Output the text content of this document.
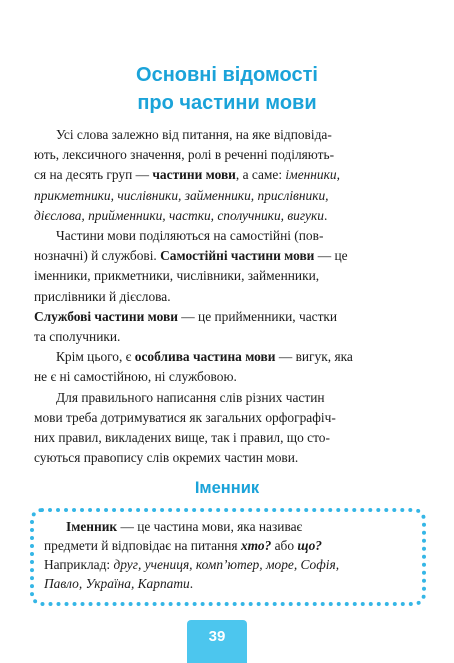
Основні відомості
про частини мови

Усі слова залежно від питання, на яке відповіда-
ють, лексичного значення, ролі в реченні поділяють-
ся на десять груп — частини мови, а саме: іменники,
прикметники, числівники, займенники, прислівники,
дієслова, прийменники, частки, сполучники, вигуки.

Частини мови поділяються на самостійні (пов-
нозначні) й службові. Самостійні частини мови — це
іменники, прикметники, числівники, займенники,
прислівники й дієслова.

Службові частини мови — це прийменники, частки
та сполучники.

Крім цього, є особлива частина мови — вигук, яка
не є ні самостійною, ні службовою.

Для правильного написання слів різних частин
мови треба дотримуватися як загальних орфографіч-
них правил, викладених вище, так і правил, що сто-
суються правопису слів окремих частин мови.

Іменник

Іменник — це частина мови, яка називає
предмети й відповідає на питання хто? або що?
Наприклад: друг, учениця, комп’ютер, море, Софія,
Павло, Україна, Карпати.

39
